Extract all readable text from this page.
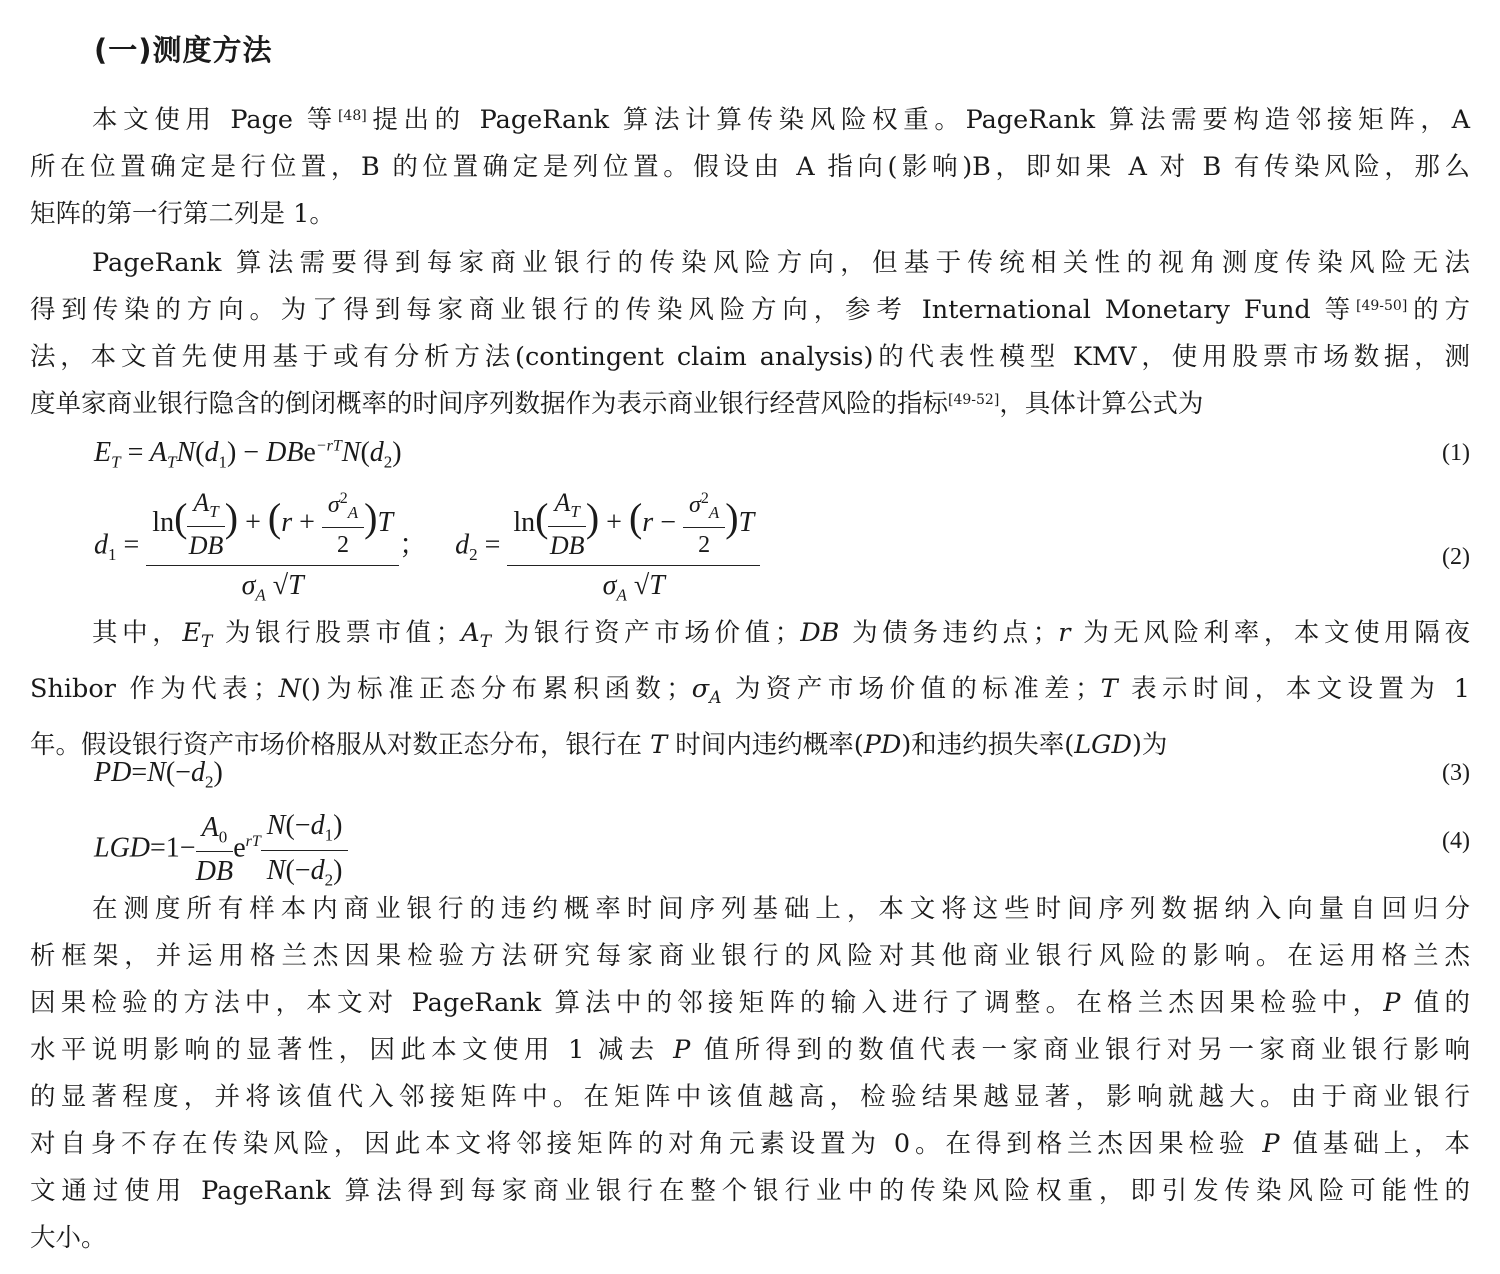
(一)测度方法
本文使用 Page 等[48]提出的 PageRank 算法计算传染风险权重。PageRank 算法需要构造邻接矩阵，A
所在位置确定是行位置，B 的位置确定是列位置。假设由 A 指向(影响)B，即如果 A 对 B 有传染风险，那么
矩阵的第一行第二列是 1。
PageRank 算法需要得到每家商业银行的传染风险方向，但基于传统相关性的视角测度传染风险无法
得到传染的方向。为了得到每家商业银行的传染风险方向，参考 International Monetary Fund 等[49-50]的方
法，本文首先使用基于或有分析方法(contingent claim analysis)的代表性模型 KMV，使用股票市场数据，测
度单家商业银行隐含的倒闭概率的时间序列数据作为表示商业银行经营风险的指标[49-52]，具体计算公式为
$E_T = A_TN(d_1) - DBe^{-rT}N(d_2)$	(1)
$d_1 = \frac{\ln( \frac{A_T}{DB} ) + (r + \frac{\sigma^2_A}{2} )T}{\sigma_A √T}$ ；    $d_2 = \frac{\ln( \frac{A_T}{DB} ) + (r - \frac{\sigma^2_A}{2} )T}{\sigma_A √T}$	(2)
其中，$E_T$ 为银行股票市值；$A_T$ 为银行资产市场价值；DB 为债务违约点；r 为无风险利率，本文使用隔夜
Shibor 作为代表；N()为标准正态分布累积函数；$\sigma_A$ 为资产市场价值的标准差；T 表示时间，本文设置为 1
年。假设银行资产市场价格服从对数正态分布，银行在 T 时间内违约概率(PD)和违约损失率(LGD)为
$PD=N(-d_2)$	(3)
$LGD=1- \frac{A_0}{DB} e^{rT} \frac{N(-d_1)}{N(-d_2)}$	(4)
在测度所有样本内商业银行的违约概率时间序列基础上，本文将这些时间序列数据纳入向量自回归分
析框架，并运用格兰杰因果检验方法研究每家商业银行的风险对其他商业银行风险的影响。在运用格兰杰
因果检验的方法中，本文对 PageRank 算法中的邻接矩阵的输入进行了调整。在格兰杰因果检验中，P 值的
水平说明影响的显著性，因此本文使用 1 减去 P 值所得到的数值代表一家商业银行对另一家商业银行影响
的显著程度，并将该值代入邻接矩阵中。在矩阵中该值越高，检验结果越显著，影响就越大。由于商业银行
对自身不存在传染风险，因此本文将邻接矩阵的对角元素设置为 0。在得到格兰杰因果检验 P 值基础上，本
文通过使用 PageRank 算法得到每家商业银行在整个银行业中的传染风险权重，即引发传染风险可能性的
大小。
